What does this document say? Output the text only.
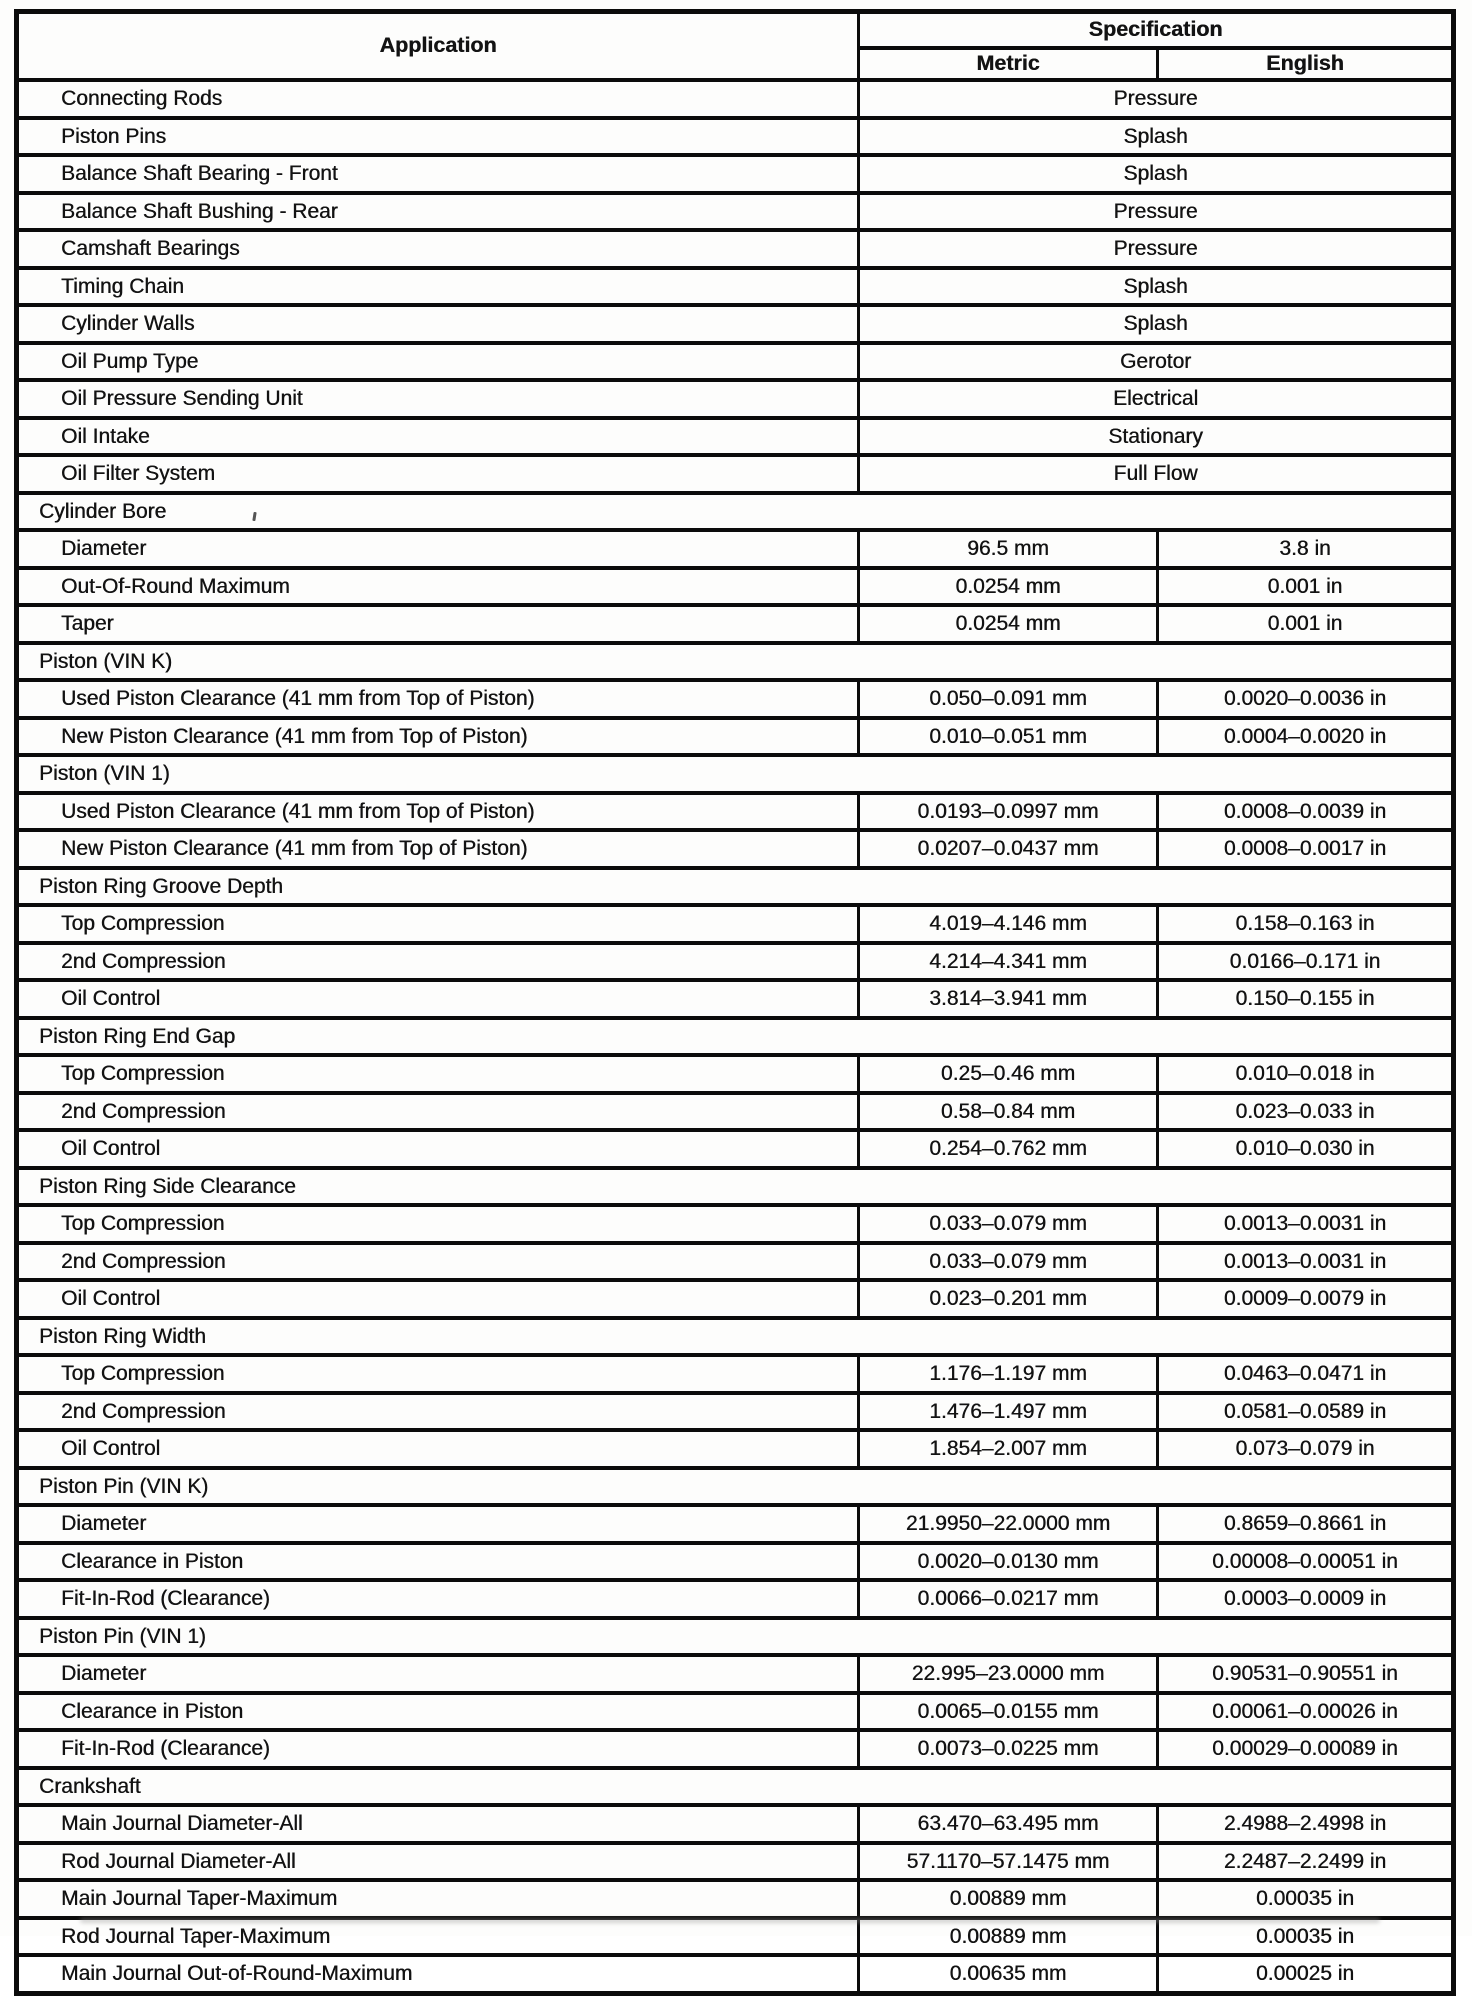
Application	Specification	
	Metric	English
Connecting Rods	Pressure	
Piston Pins	Splash	
Balance Shaft Bearing - Front	Splash	
Balance Shaft Bushing - Rear	Pressure	
Camshaft Bearings	Pressure	
Timing Chain	Splash	
Cylinder Walls	Splash	
Oil Pump Type	Gerotor	
Oil Pressure Sending Unit	Electrical	
Oil Intake	Stationary	
Oil Filter System	Full Flow	
Cylinder Bore		
Diameter	96.5 mm	3.8 in
Out-Of-Round Maximum	0.0254 mm	0.001 in
Taper	0.0254 mm	0.001 in
Piston (VIN K)		
Used Piston Clearance (41 mm from Top of Piston)	0.050–0.091 mm	0.0020–0.0036 in
New Piston Clearance (41 mm from Top of Piston)	0.010–0.051 mm	0.0004–0.0020 in
Piston (VIN 1)		
Used Piston Clearance (41 mm from Top of Piston)	0.0193–0.0997 mm	0.0008–0.0039 in
New Piston Clearance (41 mm from Top of Piston)	0.0207–0.0437 mm	0.0008–0.0017 in
Piston Ring Groove Depth		
Top Compression	4.019–4.146 mm	0.158–0.163 in
2nd Compression	4.214–4.341 mm	0.0166–0.171 in
Oil Control	3.814–3.941 mm	0.150–0.155 in
Piston Ring End Gap		
Top Compression	0.25–0.46 mm	0.010–0.018 in
2nd Compression	0.58–0.84 mm	0.023–0.033 in
Oil Control	0.254–0.762 mm	0.010–0.030 in
Piston Ring Side Clearance		
Top Compression	0.033–0.079 mm	0.0013–0.0031 in
2nd Compression	0.033–0.079 mm	0.0013–0.0031 in
Oil Control	0.023–0.201 mm	0.0009–0.0079 in
Piston Ring Width		
Top Compression	1.176–1.197 mm	0.0463–0.0471 in
2nd Compression	1.476–1.497 mm	0.0581–0.0589 in
Oil Control	1.854–2.007 mm	0.073–0.079 in
Piston Pin (VIN K)		
Diameter	21.9950–22.0000 mm	0.8659–0.8661 in
Clearance in Piston	0.0020–0.0130 mm	0.00008–0.00051 in
Fit-In-Rod (Clearance)	0.0066–0.0217 mm	0.0003–0.0009 in
Piston Pin (VIN 1)		
Diameter	22.995–23.0000 mm	0.90531–0.90551 in
Clearance in Piston	0.0065–0.0155 mm	0.00061–0.00026 in
Fit-In-Rod (Clearance)	0.0073–0.0225 mm	0.00029–0.00089 in
Crankshaft		
Main Journal Diameter-All	63.470–63.495 mm	2.4988–2.4998 in
Rod Journal Diameter-All	57.1170–57.1475 mm	2.2487–2.2499 in
Main Journal Taper-Maximum	0.00889 mm	0.00035 in
Rod Journal Taper-Maximum	0.00889 mm	0.00035 in
Main Journal Out-of-Round-Maximum	0.00635 mm	0.00025 in
